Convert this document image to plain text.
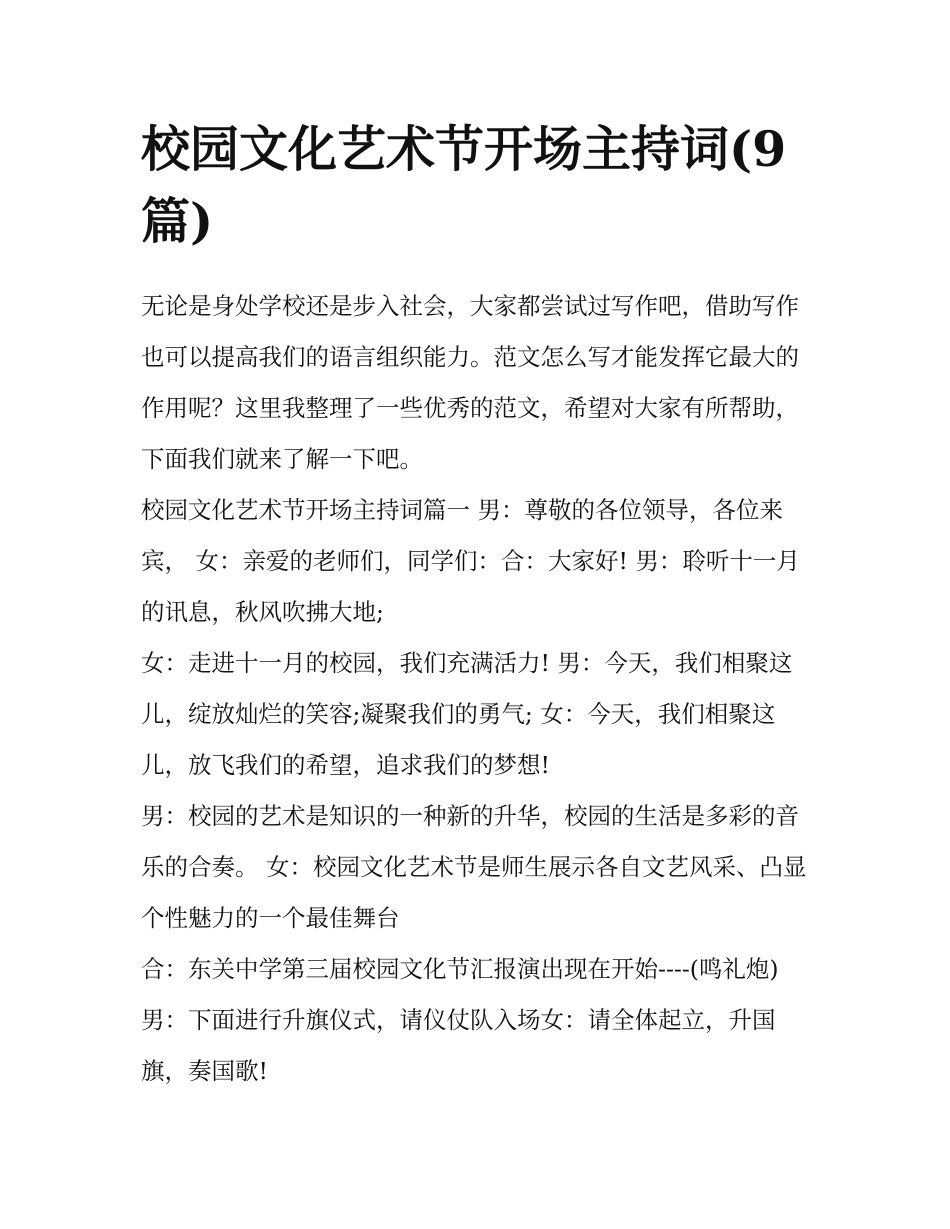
校园文化艺术节开场主持词(9篇)

无论是身处学校还是步入社会，大家都尝试过写作吧，借助写作也可以提高我们的语言组织能力。范文怎么写才能发挥它最大的作用呢？这里我整理了一些优秀的范文，希望对大家有所帮助，下面我们就来了解一下吧。

校园文化艺术节开场主持词篇一 男：尊敬的各位领导，各位来宾， 女：亲爱的老师们，同学们：合：大家好! 男：聆听十一月的讯息，秋风吹拂大地;

女：走进十一月的校园，我们充满活力! 男：今天，我们相聚这儿，绽放灿烂的笑容;凝聚我们的勇气; 女：今天，我们相聚这儿，放飞我们的希望，追求我们的梦想!

男：校园的艺术是知识的一种新的升华，校园的生活是多彩的音乐的合奏。 女：校园文化艺术节是师生展示各自文艺风采、凸显个性魅力的一个最佳舞台

合：东关中学第三届校园文化节汇报演出现在开始----(鸣礼炮) 男：下面进行升旗仪式，请仪仗队入场女：请全体起立，升国旗，奏国歌!
